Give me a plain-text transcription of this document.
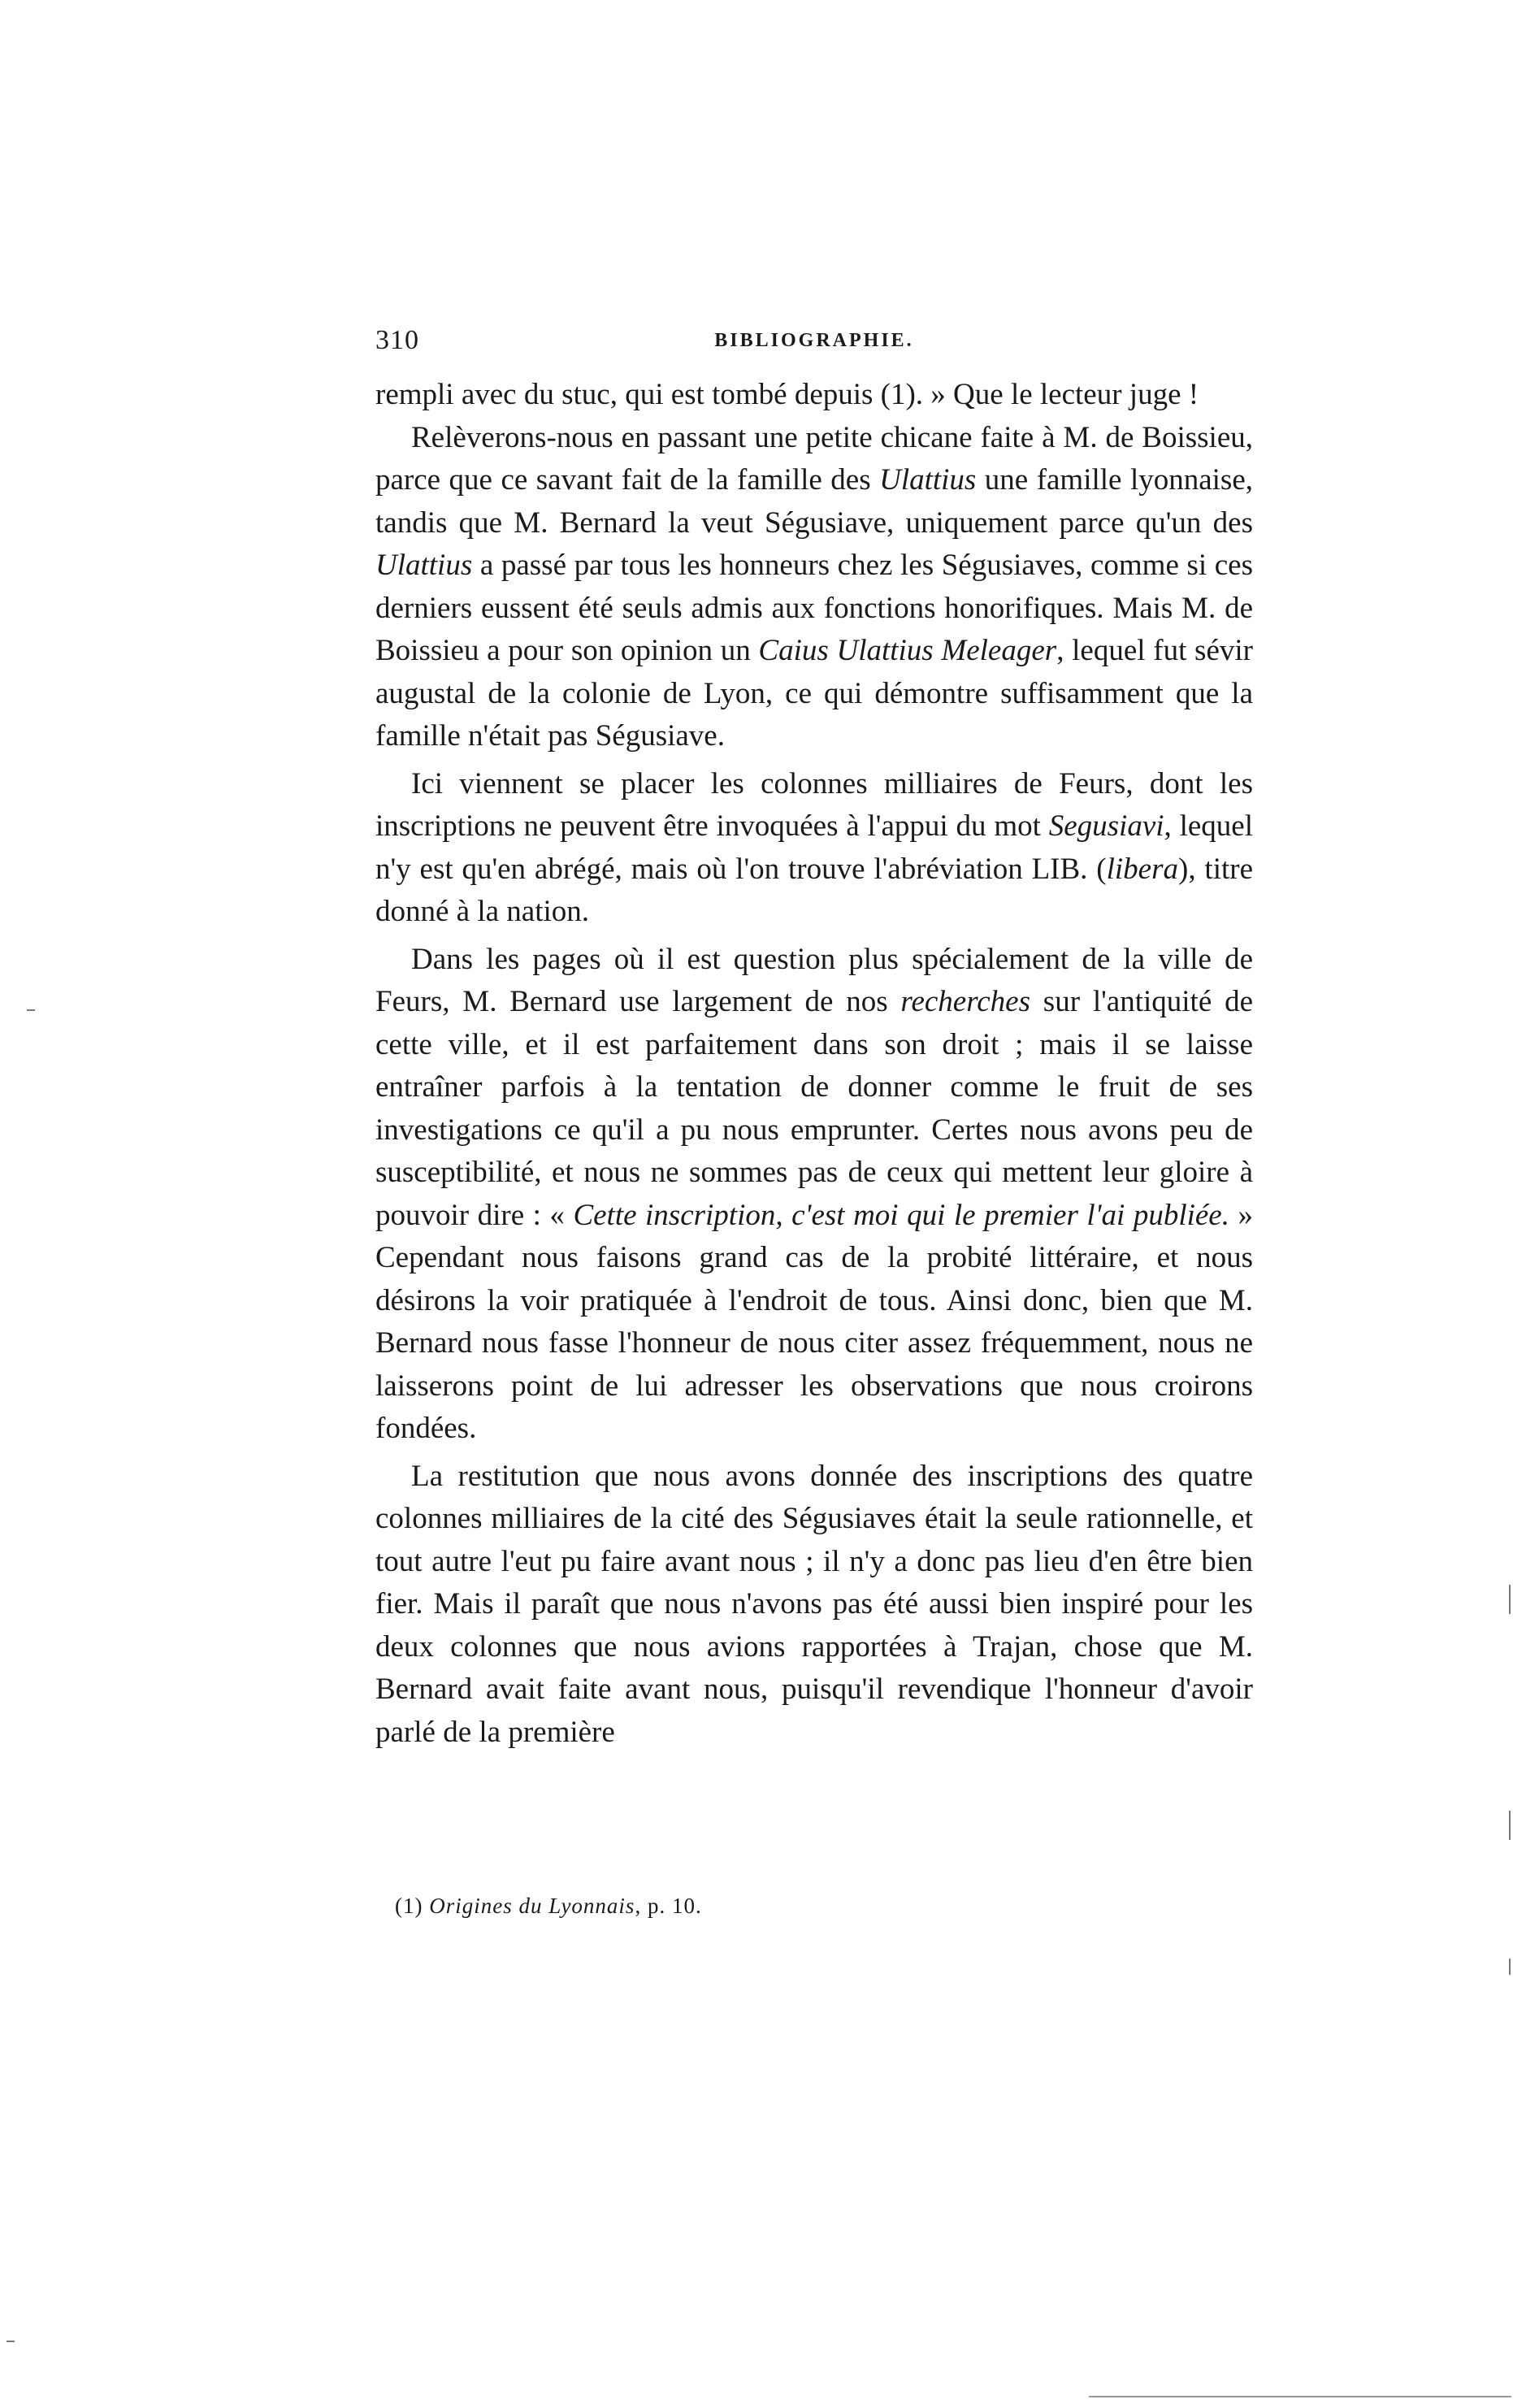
310	BIBLIOGRAPHIE.

rempli avec du stuc, qui est tombé depuis (1). » Que le lecteur juge !

Relèverons-nous en passant une petite chicane faite à M. de Boissieu, parce que ce savant fait de la famille des Ulattius une famille lyonnaise, tandis que M. Bernard la veut Ségusiave, uniquement parce qu'un des Ulattius a passé par tous les honneurs chez les Ségusiaves, comme si ces derniers eussent été seuls admis aux fonctions honorifiques. Mais M. de Boissieu a pour son opinion un Caius Ulattius Meleager, lequel fut sévir augustal de la colonie de Lyon, ce qui démontre suffisamment que la famille n'était pas Ségusiave.

Ici viennent se placer les colonnes milliaires de Feurs, dont les inscriptions ne peuvent être invoquées à l'appui du mot Segusiavi, lequel n'y est qu'en abrégé, mais où l'on trouve l'abréviation LIB. (libera), titre donné à la nation.

Dans les pages où il est question plus spécialement de la ville de Feurs, M. Bernard use largement de nos recherches sur l'antiquité de cette ville, et il est parfaitement dans son droit ; mais il se laisse entraîner parfois à la tentation de donner comme le fruit de ses investigations ce qu'il a pu nous emprunter. Certes nous avons peu de susceptibilité, et nous ne sommes pas de ceux qui mettent leur gloire à pouvoir dire : « Cette inscription, c'est moi qui le premier l'ai publiée. » Cependant nous faisons grand cas de la probité littéraire, et nous désirons la voir pratiquée à l'endroit de tous. Ainsi donc, bien que M. Bernard nous fasse l'honneur de nous citer assez fréquemment, nous ne laisserons point de lui adresser les observations que nous croirons fondées.

La restitution que nous avons donnée des inscriptions des quatre colonnes milliaires de la cité des Ségusiaves était la seule rationnelle, et tout autre l'eut pu faire avant nous ; il n'y a donc pas lieu d'en être bien fier. Mais il paraît que nous n'avons pas été aussi bien inspiré pour les deux colonnes que nous avions rapportées à Trajan, chose que M. Bernard avait faite avant nous, puisqu'il revendique l'honneur d'avoir parlé de la première

(1) Origines du Lyonnais, p. 10.
